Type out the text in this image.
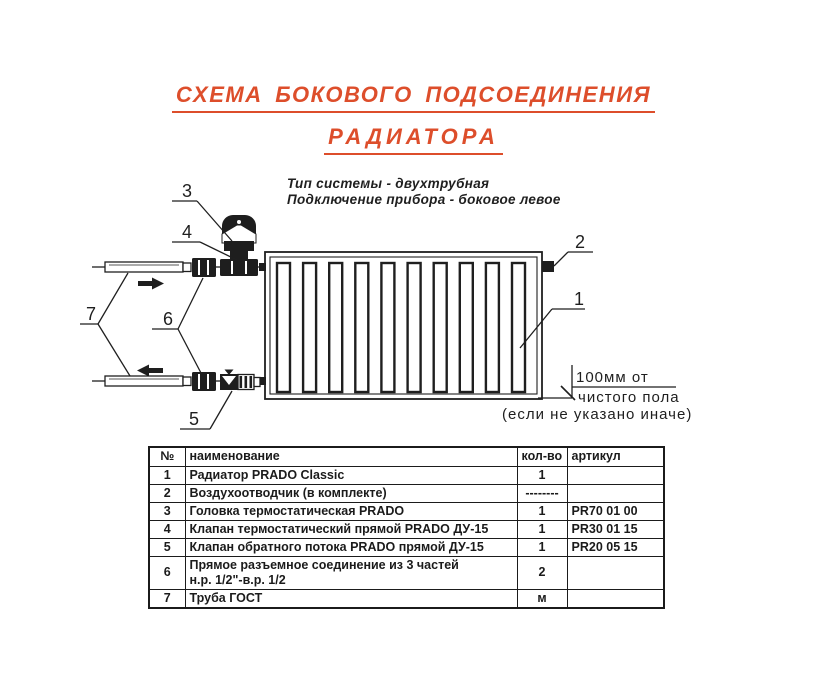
СХЕМА БОКОВОГО ПОДСОЕДИНЕНИЯ
РАДИАТОРА
Тип системы - двухтрубная
Подключение прибора - боковое левое
3
4	2
1
6
7
5
100мм от
чистого пола
(если не указано иначе)
№	наименование	кол-во	артикул
1	Радиатор PRADO Classic	1	
2	Воздухоотводчик (в комплекте)	--------	
3	Головка термостатическая PRADO	1	PR70 01 00
4	Клапан термостатический прямой PRADO ДУ-15	1	PR30 01 15
5	Клапан обратного потока PRADO прямой ДУ-15	1	PR20 05 15
6	Прямое разъемное соединение из 3 частей
н.р. 1/2"-в.р. 1/2	2	
7	Труба ГОСТ	м	
